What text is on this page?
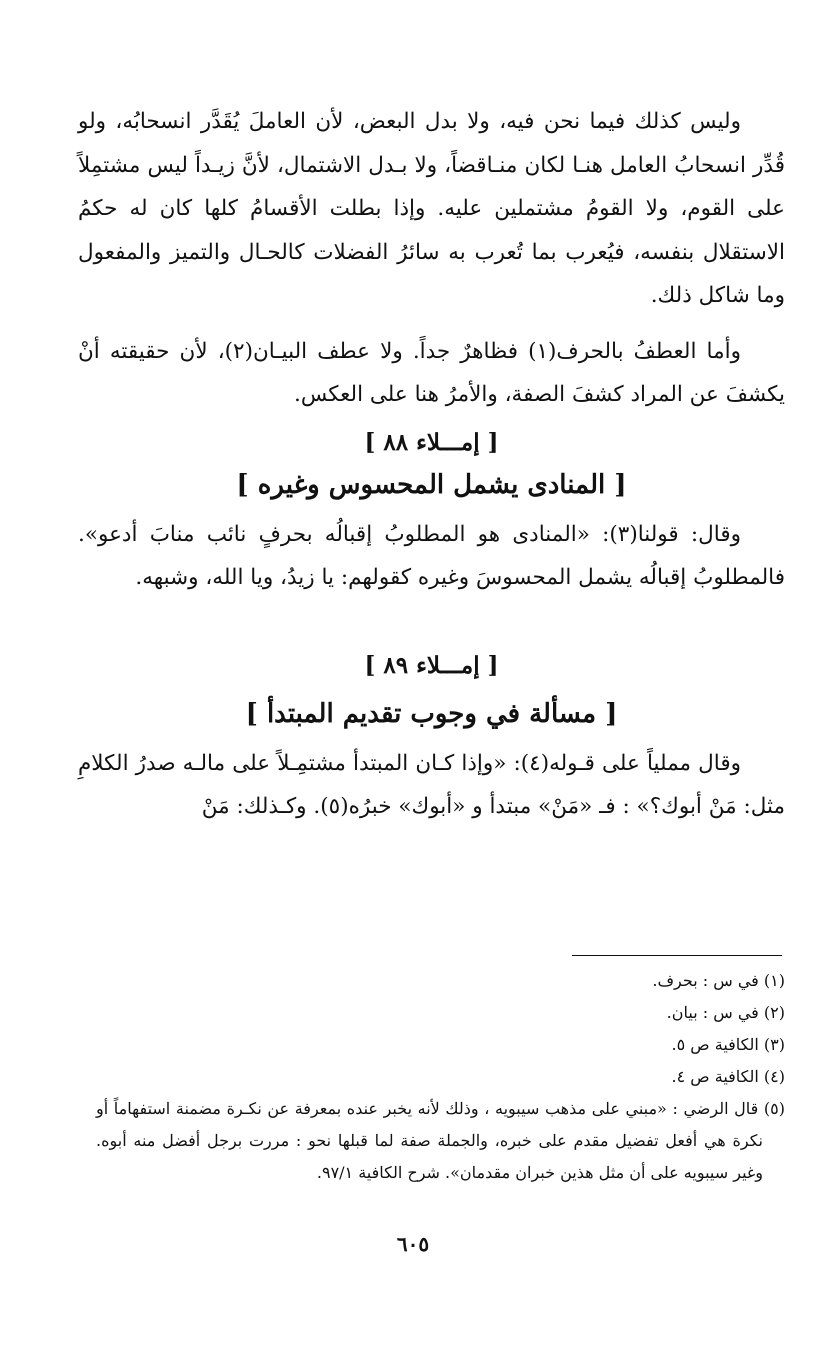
وليس كذلك فيما نحن فيه، ولا بدل البعض، لأن العاملَ يُقَدَّر انسحابُه، ولو قُدِّر انسحابُ العامل هنـا لكان منـاقضاً، ولا بـدل الاشتمال، لأنَّ زيـداً ليس مشتمِلاً على القوم، ولا القومُ مشتملين عليه. وإذا بطلت الأقسامُ كلها كان له حكمُ الاستقلال بنفسه، فيُعرب بما تُعرب به سائرُ الفضلات كالحـال والتميز والمفعول وما شاكل ذلك.

وأما العطفُ بالحرف(١) فظاهرٌ جداً. ولا عطف البيـان(٢)، لأن حقيقته أنْ يكشفَ عن المراد كشفَ الصفة، والأمرُ هنا على العكس.

[ إمـــلاء ٨٨ ]

[ المنادى يشمل المحسوس وغيره ]

وقال: قولنا(٣): «المنادى هو المطلوبُ إقبالُه بحرفٍ نائب منابَ أدعو». فالمطلوبُ إقبالُه يشمل المحسوسَ وغيره كقولهم: يا زيدُ، ويا الله، وشبهه.

[ إمـــلاء ٨٩ ]

[ مسألة في وجوب تقديم المبتدأ ]

وقال مملياً على قـوله(٤): «وإذا كـان المبتدأ مشتمِـلاً على مالـه صدرُ الكلامِ مثل: مَنْ أبوك؟» : فـ «مَنْ» مبتدأ و «أبوك» خبرُه(٥). وكـذلك: مَنْ

(١) في س : بحرف.

(٢) في س : بيان.

(٣) الكافية ص ٥.

(٤) الكافية ص ٤.

(٥) قال الرضي : «مبني على مذهب سيبويه ، وذلك لأنه يخبر عنده بمعرفة عن نكـرة مضمنة استفهاماً أو نكرة هي أفعل تفضيل مقدم على خبره، والجملة صفة لما قبلها نحو : مررت برجل أفضل منه أبوه. وغير سيبويه على أن مثل هذين خبران مقدمان». شرح الكافية ٩٧/١.

٦٠٥
